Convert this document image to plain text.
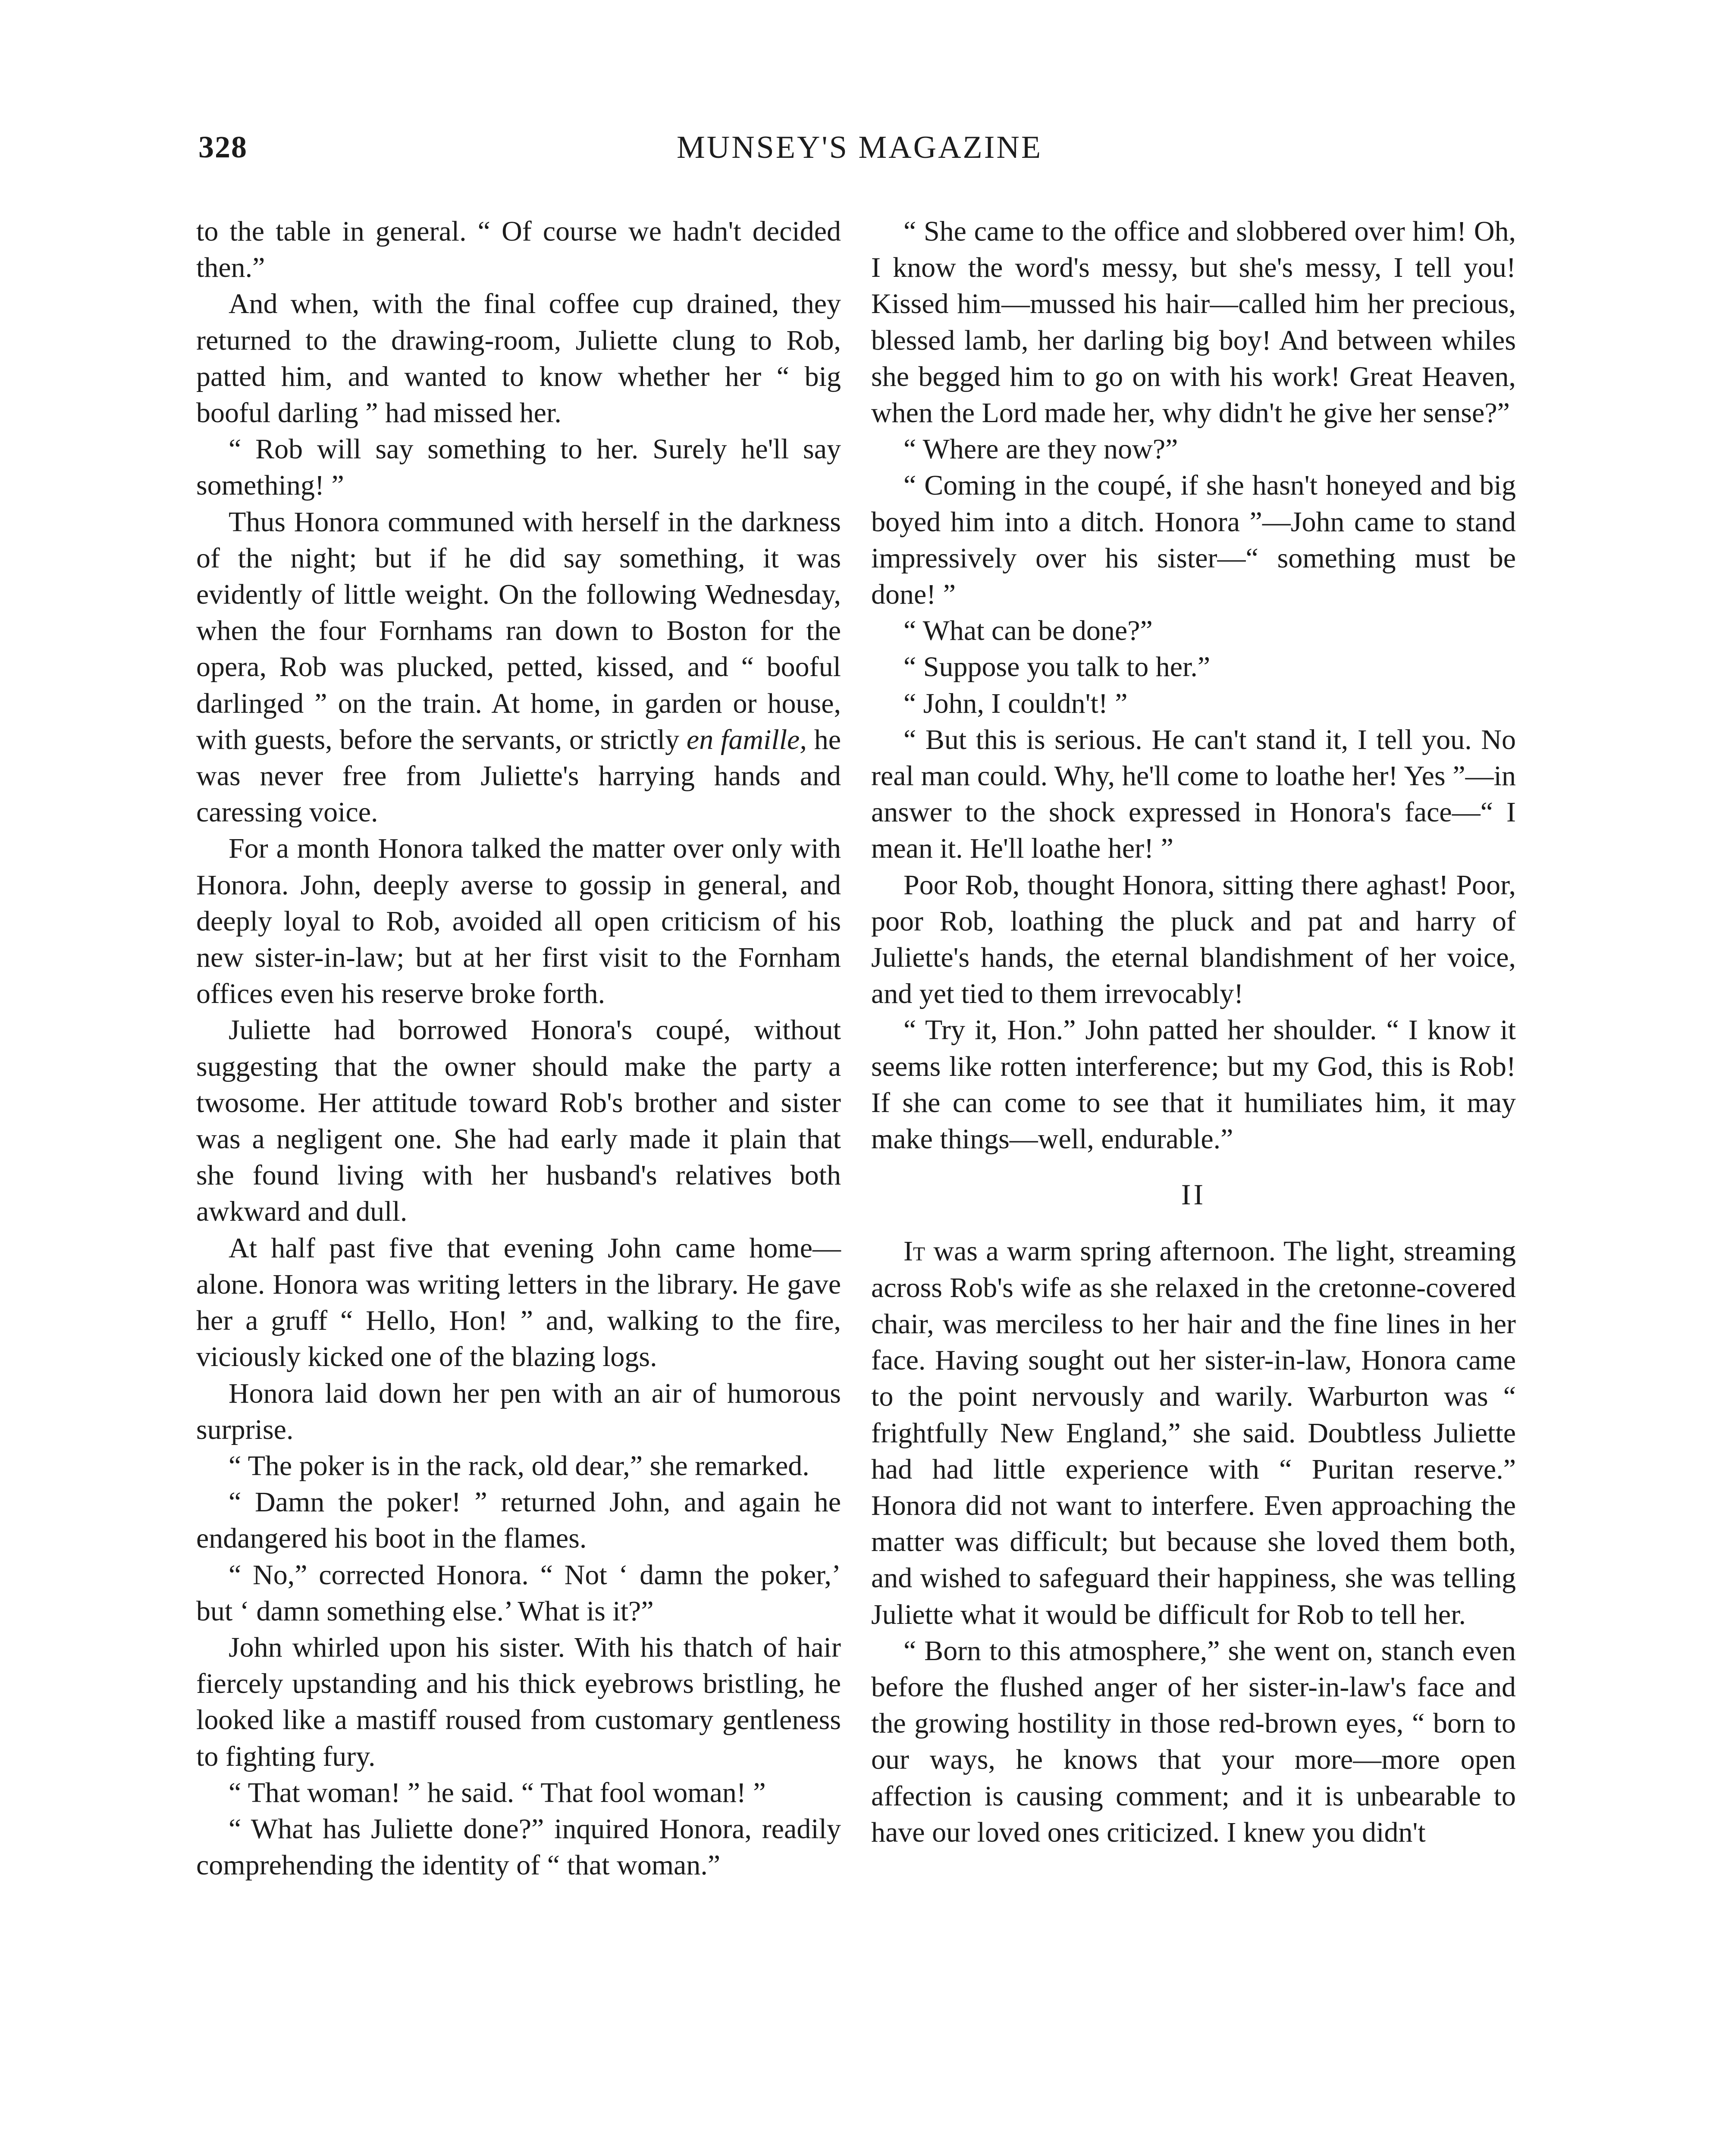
328	MUNSEY'S MAGAZINE

to the table in general. “ Of course we hadn't decided then.”

And when, with the final coffee cup drained, they returned to the drawing-room, Juliette clung to Rob, patted him, and wanted to know whether her “ big booful darling ” had missed her.

“ Rob will say something to her. Surely he'll say something! ”

Thus Honora communed with herself in the darkness of the night; but if he did say something, it was evidently of little weight. On the following Wednesday, when the four Fornhams ran down to Boston for the opera, Rob was plucked, petted, kissed, and “ booful darlinged ” on the train. At home, in garden or house, with guests, before the servants, or strictly en famille, he was never free from Juliette's harrying hands and caressing voice.

For a month Honora talked the matter over only with Honora. John, deeply averse to gossip in general, and deeply loyal to Rob, avoided all open criticism of his new sister-in-law; but at her first visit to the Fornham offices even his reserve broke forth.

Juliette had borrowed Honora's coupé, without suggesting that the owner should make the party a twosome. Her attitude toward Rob's brother and sister was a negligent one. She had early made it plain that she found living with her husband's relatives both awkward and dull.

At half past five that evening John came home—alone. Honora was writing letters in the library. He gave her a gruff “ Hello, Hon! ” and, walking to the fire, viciously kicked one of the blazing logs.

Honora laid down her pen with an air of humorous surprise.

“ The poker is in the rack, old dear,” she remarked.

“ Damn the poker! ” returned John, and again he endangered his boot in the flames.

“ No,” corrected Honora. “ Not ‘ damn the poker,’ but ‘ damn something else.’ What is it?”

John whirled upon his sister. With his thatch of hair fiercely upstanding and his thick eyebrows bristling, he looked like a mastiff roused from customary gentleness to fighting fury.

“ That woman! ” he said. “ That fool woman! ”

“ What has Juliette done?” inquired Honora, readily comprehending the identity of “ that woman.”

“ She came to the office and slobbered over him! Oh, I know the word's messy, but she's messy, I tell you! Kissed him—mussed his hair—called him her precious, blessed lamb, her darling big boy! And between whiles she begged him to go on with his work! Great Heaven, when the Lord made her, why didn't he give her sense?”

“ Where are they now?”

“ Coming in the coupé, if she hasn't honeyed and big boyed him into a ditch. Honora ”—John came to stand impressively over his sister—“ something must be done! ”

“ What can be done?”

“ Suppose you talk to her.”

“ John, I couldn't! ”

“ But this is serious. He can't stand it, I tell you. No real man could. Why, he'll come to loathe her! Yes ”—in answer to the shock expressed in Honora's face—“ I mean it. He'll loathe her! ”

Poor Rob, thought Honora, sitting there aghast! Poor, poor Rob, loathing the pluck and pat and harry of Juliette's hands, the eternal blandishment of her voice, and yet tied to them irrevocably!

“ Try it, Hon.” John patted her shoulder. “ I know it seems like rotten interference; but my God, this is Rob! If she can come to see that it humiliates him, it may make things—well, endurable.”

II

It was a warm spring afternoon. The light, streaming across Rob's wife as she relaxed in the cretonne-covered chair, was merciless to her hair and the fine lines in her face. Having sought out her sister-in-law, Honora came to the point nervously and warily. Warburton was “ frightfully New England,” she said. Doubtless Juliette had had little experience with “ Puritan reserve.” Honora did not want to interfere. Even approaching the matter was difficult; but because she loved them both, and wished to safeguard their happiness, she was telling Juliette what it would be difficult for Rob to tell her.

“ Born to this atmosphere,” she went on, stanch even before the flushed anger of her sister-in-law's face and the growing hostility in those red-brown eyes, “ born to our ways, he knows that your more—more open affection is causing comment; and it is unbearable to have our loved ones criticized. I knew you didn't
